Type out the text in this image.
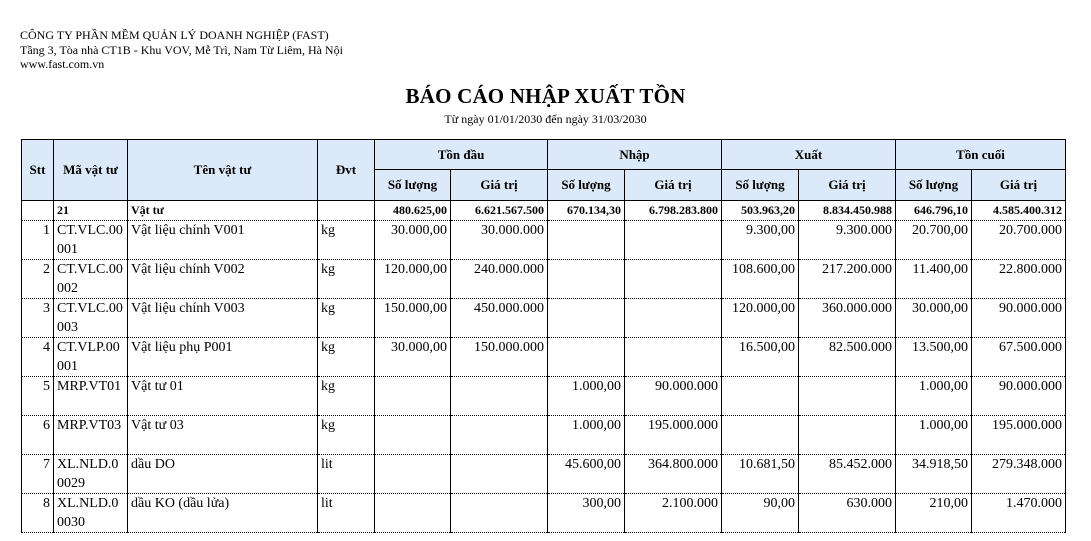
CÔNG TY PHẦN MỀM QUẢN LÝ DOANH NGHIỆP (FAST)
Tầng 3, Tòa nhà CT1B - Khu VOV, Mễ Trì, Nam Từ Liêm, Hà Nội
www.fast.com.vn
BÁO CÁO NHẬP XUẤT TỒN
Từ ngày 01/01/2030 đến ngày 31/03/2030
Stt	Mã vật tư	Tên vật tư	Đvt	Tồn đầu		Nhập		Xuất		Tồn cuối	
				Số lượng	Giá trị	Số lượng	Giá trị	Số lượng	Giá trị	Số lượng	Giá trị
	21	Vật tư		480.625,00	6.621.567.500	670.134,30	6.798.283.800	503.963,20	8.834.450.988	646.796,10	4.585.400.312
1	CT.VLC.00001	Vật liệu chính V001	kg	30.000,00	30.000.000			9.300,00	9.300.000	20.700,00	20.700.000
2	CT.VLC.00002	Vật liệu chính V002	kg	120.000,00	240.000.000			108.600,00	217.200.000	11.400,00	22.800.000
3	CT.VLC.00003	Vật liệu chính V003	kg	150.000,00	450.000.000			120.000,00	360.000.000	30.000,00	90.000.000
4	CT.VLP.00001	Vật liệu phụ P001	kg	30.000,00	150.000.000			16.500,00	82.500.000	13.500,00	67.500.000
5	MRP.VT01	Vật tư 01	kg			1.000,00	90.000.000			1.000,00	90.000.000
6	MRP.VT03	Vật tư 03	kg			1.000,00	195.000.000			1.000,00	195.000.000
7	XL.NLD.00029	dầu DO	lit			45.600,00	364.800.000	10.681,50	85.452.000	34.918,50	279.348.000
8	XL.NLD.00030	dầu KO (dầu lửa)	lit			300,00	2.100.000	90,00	630.000	210,00	1.470.000
